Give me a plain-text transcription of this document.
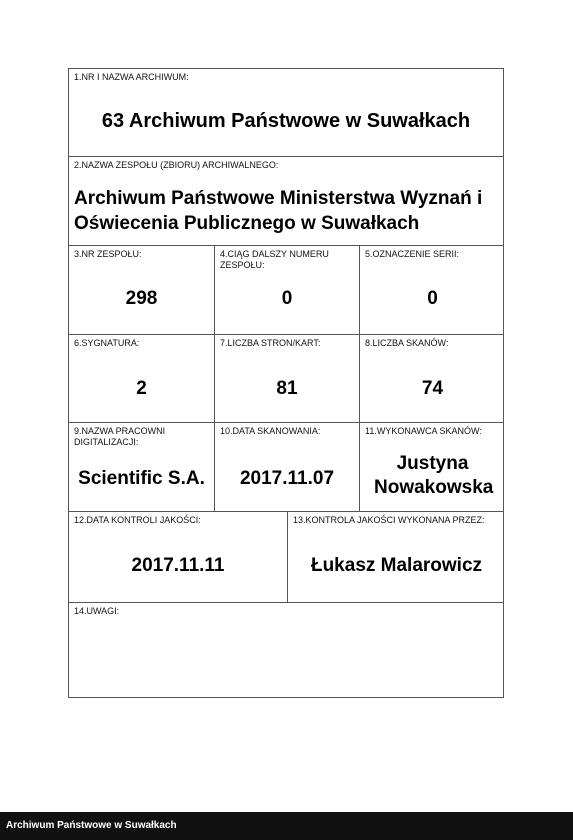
1.NR I NAZWA ARCHIWUM:
63 Archiwum Państwowe w Suwałkach
2.NAZWA ZESPOŁU (ZBIORU) ARCHIWALNEGO:
Archiwum Państwowe Ministerstwa Wyznań i Oświecenia Publicznego w Suwałkach
3.NR ZESPOŁU:
298
4.CIĄG DALSZY NUMERU ZESPOŁU:
0
5.OZNACZENIE SERII:
0
6.SYGNATURA:
2
7.LICZBA STRON/KART:
81
8.LICZBA SKANÓW:
74
9.NAZWA PRACOWNI DIGITALIZACJI:
Scientific S.A.
10.DATA SKANOWANIA:
2017.11.07
11.WYKONAWCA SKANÓW:
Justyna Nowakowska
12.DATA KONTROLI JAKOŚCI:
2017.11.11
13.KONTROLA JAKOŚCI WYKONANA PRZEZ:
Łukasz Malarowicz
14.UWAGI:
Archiwum Państwowe w Suwałkach
